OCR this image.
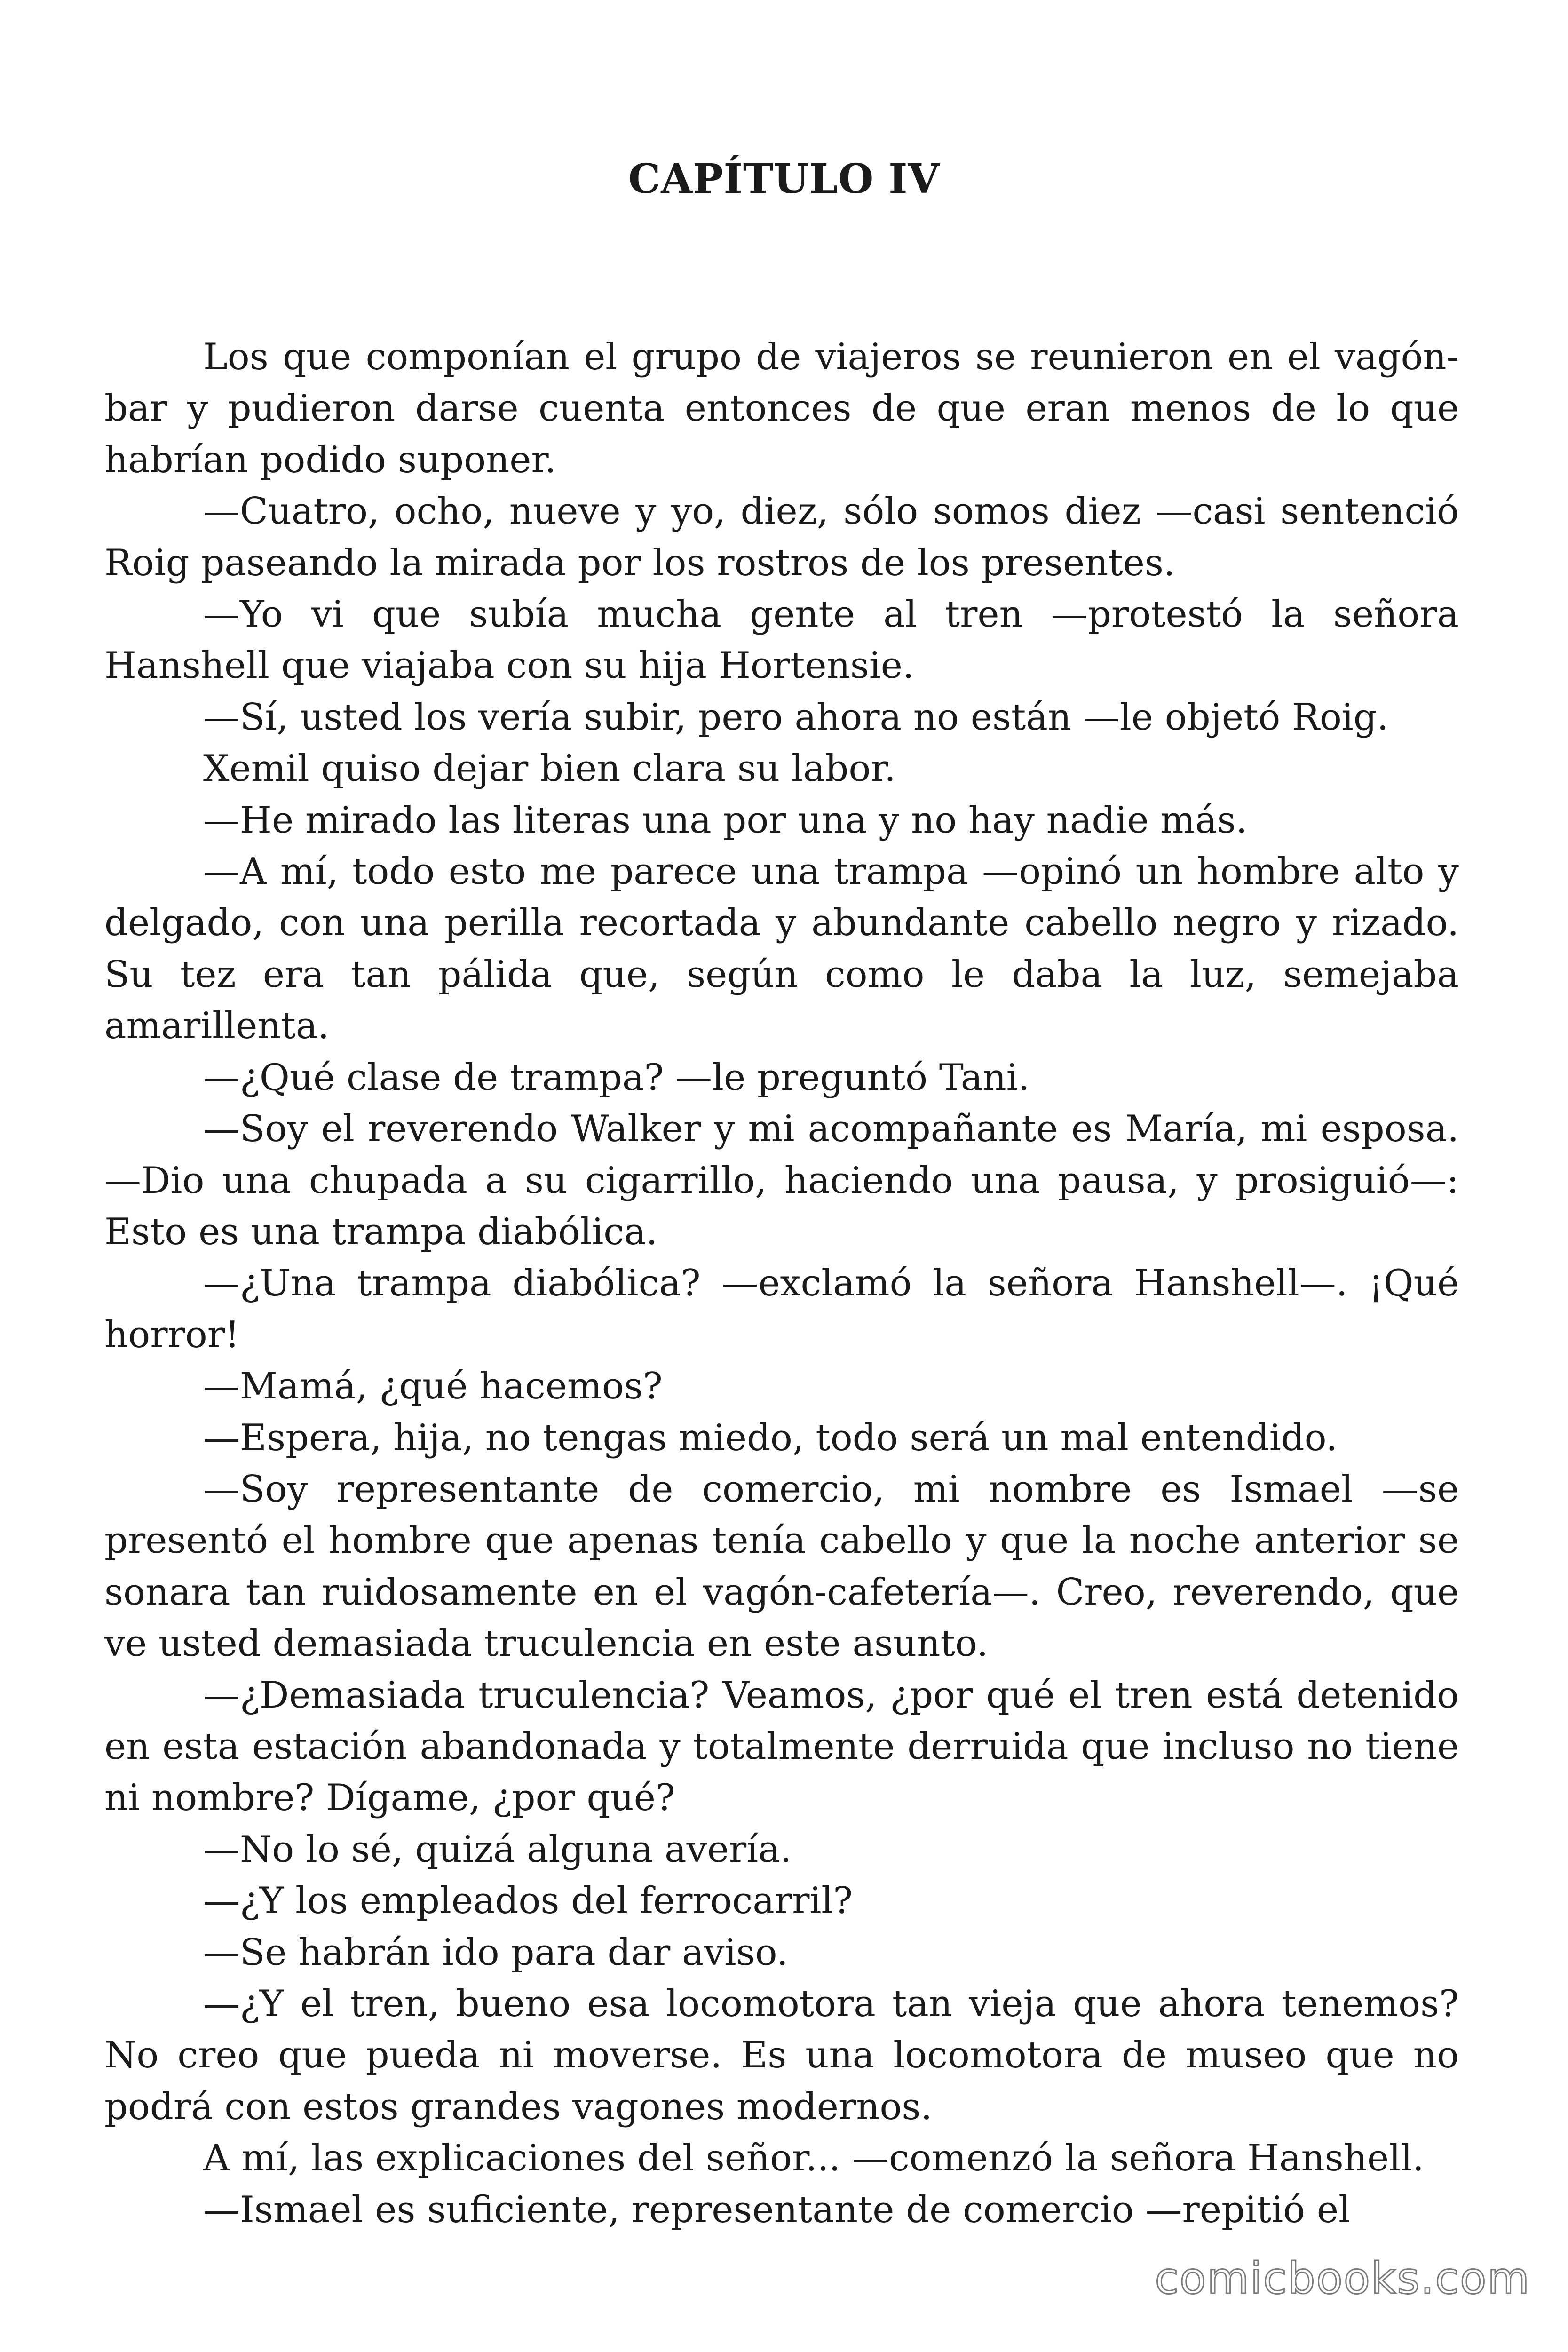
CAPÍTULO IV

Los que componían el grupo de viajeros se reunieron en el vagón-bar y pudieron darse cuenta entonces de que eran menos de lo que habrían podido suponer.

—Cuatro, ocho, nueve y yo, diez, sólo somos diez —casi sentenció Roig paseando la mirada por los rostros de los presentes.

—Yo vi que subía mucha gente al tren —protestó la señora Hanshell que viajaba con su hija Hortensie.

—Sí, usted los vería subir, pero ahora no están —le objetó Roig.

Xemil quiso dejar bien clara su labor.

—He mirado las literas una por una y no hay nadie más.

—A mí, todo esto me parece una trampa —opinó un hombre alto y delgado, con una perilla recortada y abundante cabello negro y rizado. Su tez era tan pálida que, según como le daba la luz, semejaba amarillenta.

—¿Qué clase de trampa? —le preguntó Tani.

—Soy el reverendo Walker y mi acompañante es María, mi esposa. —Dio una chupada a su cigarrillo, haciendo una pausa, y prosiguió—: Esto es una trampa diabólica.

—¿Una trampa diabólica? —exclamó la señora Hanshell—. ¡Qué horror!

—Mamá, ¿qué hacemos?

—Espera, hija, no tengas miedo, todo será un mal entendido.

—Soy representante de comercio, mi nombre es Ismael —se presentó el hombre que apenas tenía cabello y que la noche anterior se sonara tan ruidosamente en el vagón-cafetería—. Creo, reverendo, que ve usted demasiada truculencia en este asunto.

—¿Demasiada truculencia? Veamos, ¿por qué el tren está detenido en esta estación abandonada y totalmente derruida que incluso no tiene ni nombre? Dígame, ¿por qué?

—No lo sé, quizá alguna avería.

—¿Y los empleados del ferrocarril?

—Se habrán ido para dar aviso.

—¿Y el tren, bueno esa locomotora tan vieja que ahora tenemos? No creo que pueda ni moverse. Es una locomotora de museo que no podrá con estos grandes vagones modernos.

A mí, las explicaciones del señor... —comenzó la señora Hanshell.

—Ismael es suficiente, representante de comercio —repitió el

comicbooks.com
